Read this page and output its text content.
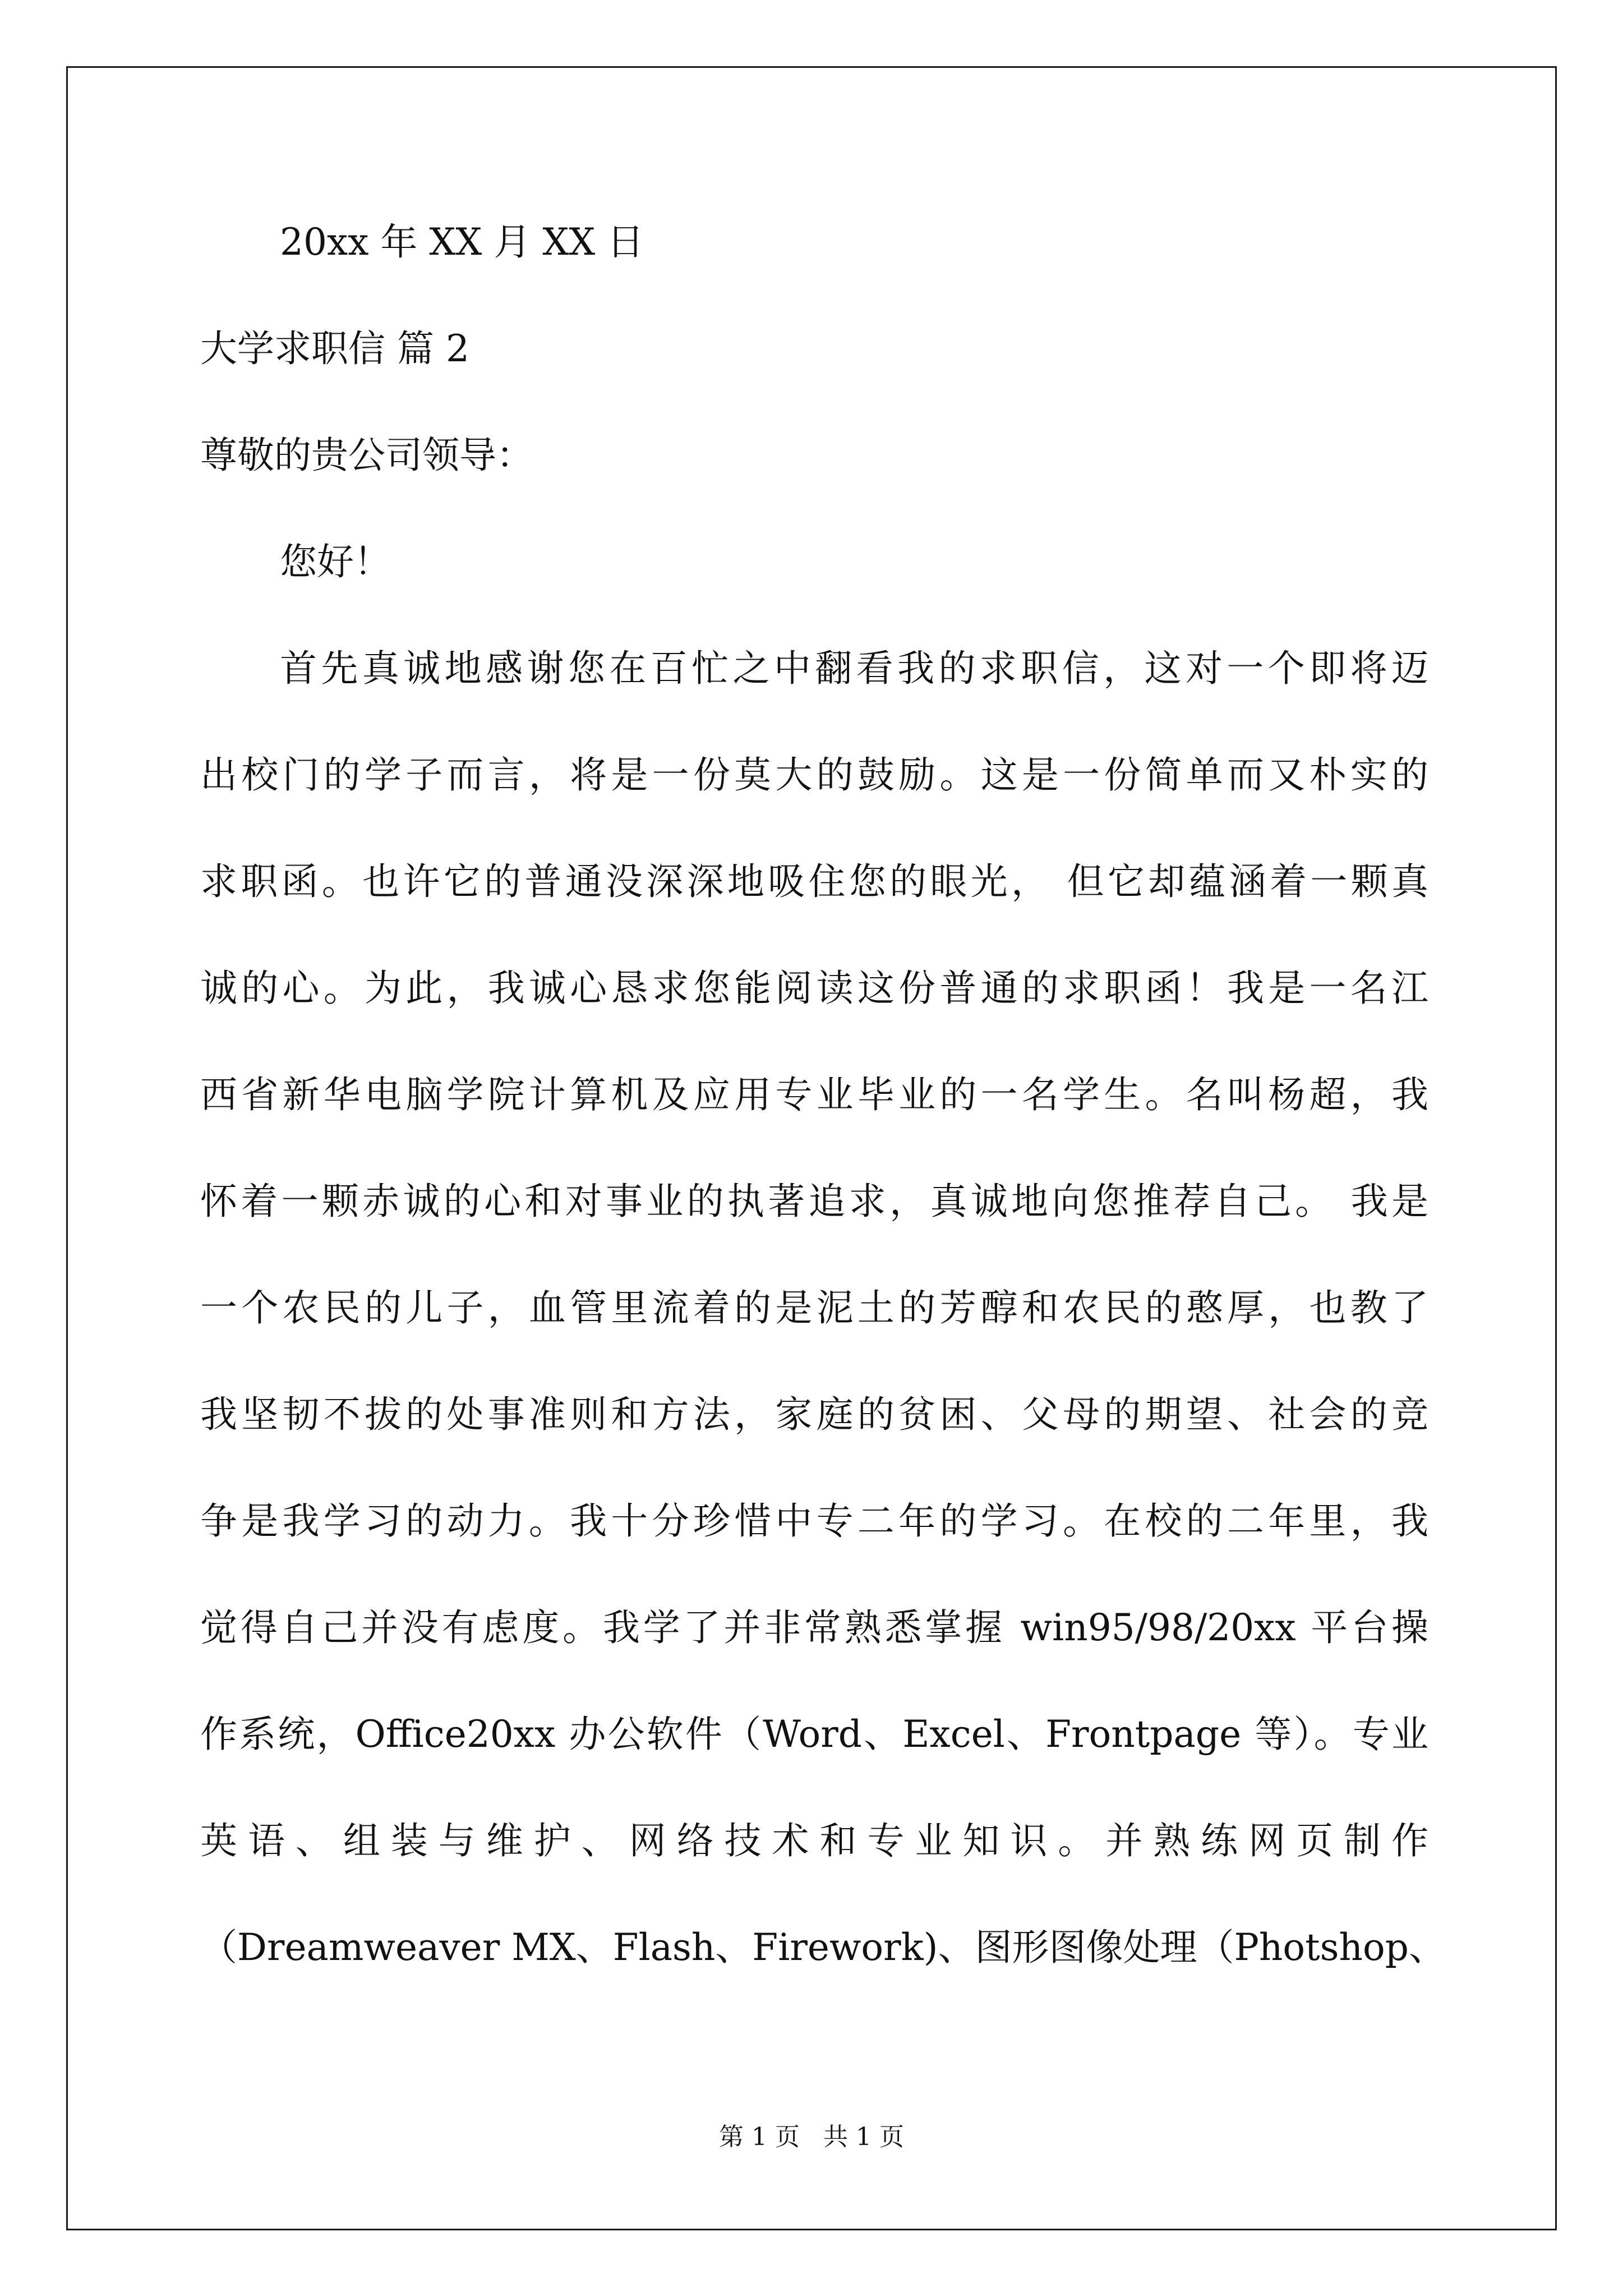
20xx 年 XX 月 XX 日
大学求职信 篇 2
尊敬的贵公司领导：
您好！
首先真诚地感谢您在百忙之中翻看我的求职信，这对一个即将迈
出校门的学子而言，将是一份莫大的鼓励。这是一份简单而又朴实的
求职函。也许它的普通没深深地吸住您的眼光， 但它却蕴涵着一颗真
诚的心。为此，我诚心恳求您能阅读这份普通的求职函！我是一名江
西省新华电脑学院计算机及应用专业毕业的一名学生。名叫杨超，我
怀着一颗赤诚的心和对事业的执著追求，真诚地向您推荐自己。 我是
一个农民的儿子，血管里流着的是泥土的芳醇和农民的憨厚，也教了
我坚韧不拔的处事准则和方法，家庭的贫困、父母的期望、社会的竞
争是我学习的动力。我十分珍惜中专二年的学习。在校的二年里，我
觉得自己并没有虑度。我学了并非常熟悉掌握 win95/98/20xx 平台操
作系统，Office20xx 办公软件（Word、Excel、Frontpage 等）。专业
英语、组装与维护、网络技术和专业知识。并熟练网页制作
（Dreamweaver MX、Flash、Firework)、图形图像处理（Photshop、
第 1 页   共 1 页
